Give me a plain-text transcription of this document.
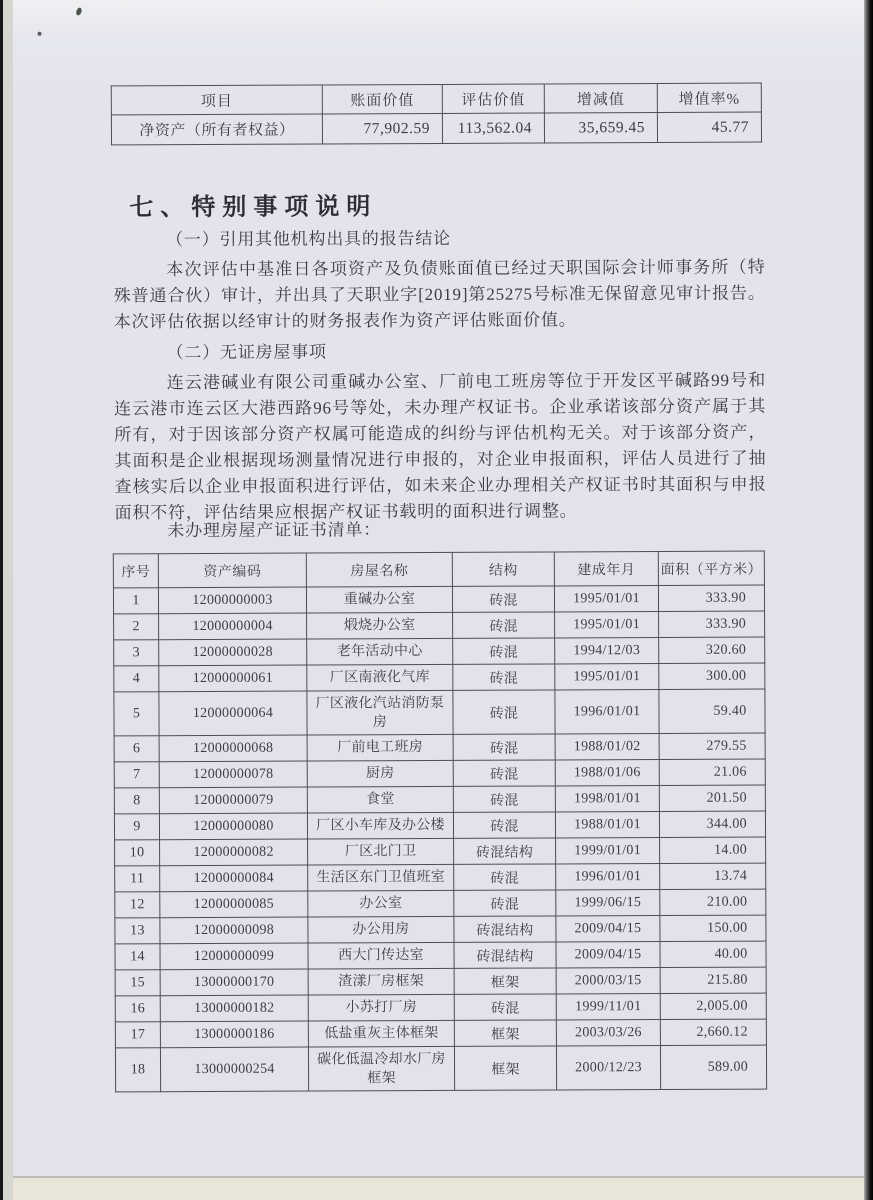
项目	账面价值	评估价值	增减值	增值率%
净资产（所有者权益）	77,902.59	113,562.04	35,659.45	45.77
七、特别事项说明

（一）引用其他机构出具的报告结论

本次评估中基准日各项资产及负债账面值已经过天职国际会计师事务所（特殊普通合伙）审计，并出具了天职业字[2019]第25275号标准无保留意见审计报告。本次评估依据以经审计的财务报表作为资产评估账面价值。

（二）无证房屋事项

连云港碱业有限公司重碱办公室、厂前电工班房等位于开发区平碱路99号和连云港市连云区大港西路96号等处，未办理产权证书。企业承诺该部分资产属于其所有，对于因该部分资产权属可能造成的纠纷与评估机构无关。对于该部分资产，其面积是企业根据现场测量情况进行申报的，对企业申报面积，评估人员进行了抽查核实后以企业申报面积进行评估，如未来企业办理相关产权证书时其面积与申报面积不符，评估结果应根据产权证书载明的面积进行调整。

未办理房屋产证证书清单：

序号	资产编码	房屋名称	结构	建成年月	面积（平方米）
1	12000000003	重碱办公室	砖混	1995/01/01	333.90
2	12000000004	煅烧办公室	砖混	1995/01/01	333.90
3	12000000028	老年活动中心	砖混	1994/12/03	320.60
4	12000000061	厂区南液化气库	砖混	1995/01/01	300.00
5	12000000064	厂区液化汽站消防泵房	砖混	1996/01/01	59.40
6	12000000068	厂前电工班房	砖混	1988/01/02	279.55
7	12000000078	厨房	砖混	1988/01/06	21.06
8	12000000079	食堂	砖混	1998/01/01	201.50
9	12000000080	厂区小车库及办公楼	砖混	1988/01/01	344.00
10	12000000082	厂区北门卫	砖混结构	1999/01/01	14.00
11	12000000084	生活区东门卫值班室	砖混	1996/01/01	13.74
12	12000000085	办公室	砖混	1999/06/15	210.00
13	12000000098	办公用房	砖混结构	2009/04/15	150.00
14	12000000099	西大门传达室	砖混结构	2009/04/15	40.00
15	13000000170	渣漾厂房框架	框架	2000/03/15	215.80
16	13000000182	小苏打厂房	砖混	1999/11/01	2,005.00
17	13000000186	低盐重灰主体框架	框架	2003/03/26	2,660.12
18	13000000254	碳化低温冷却水厂房框架	框架	2000/12/23	589.00
